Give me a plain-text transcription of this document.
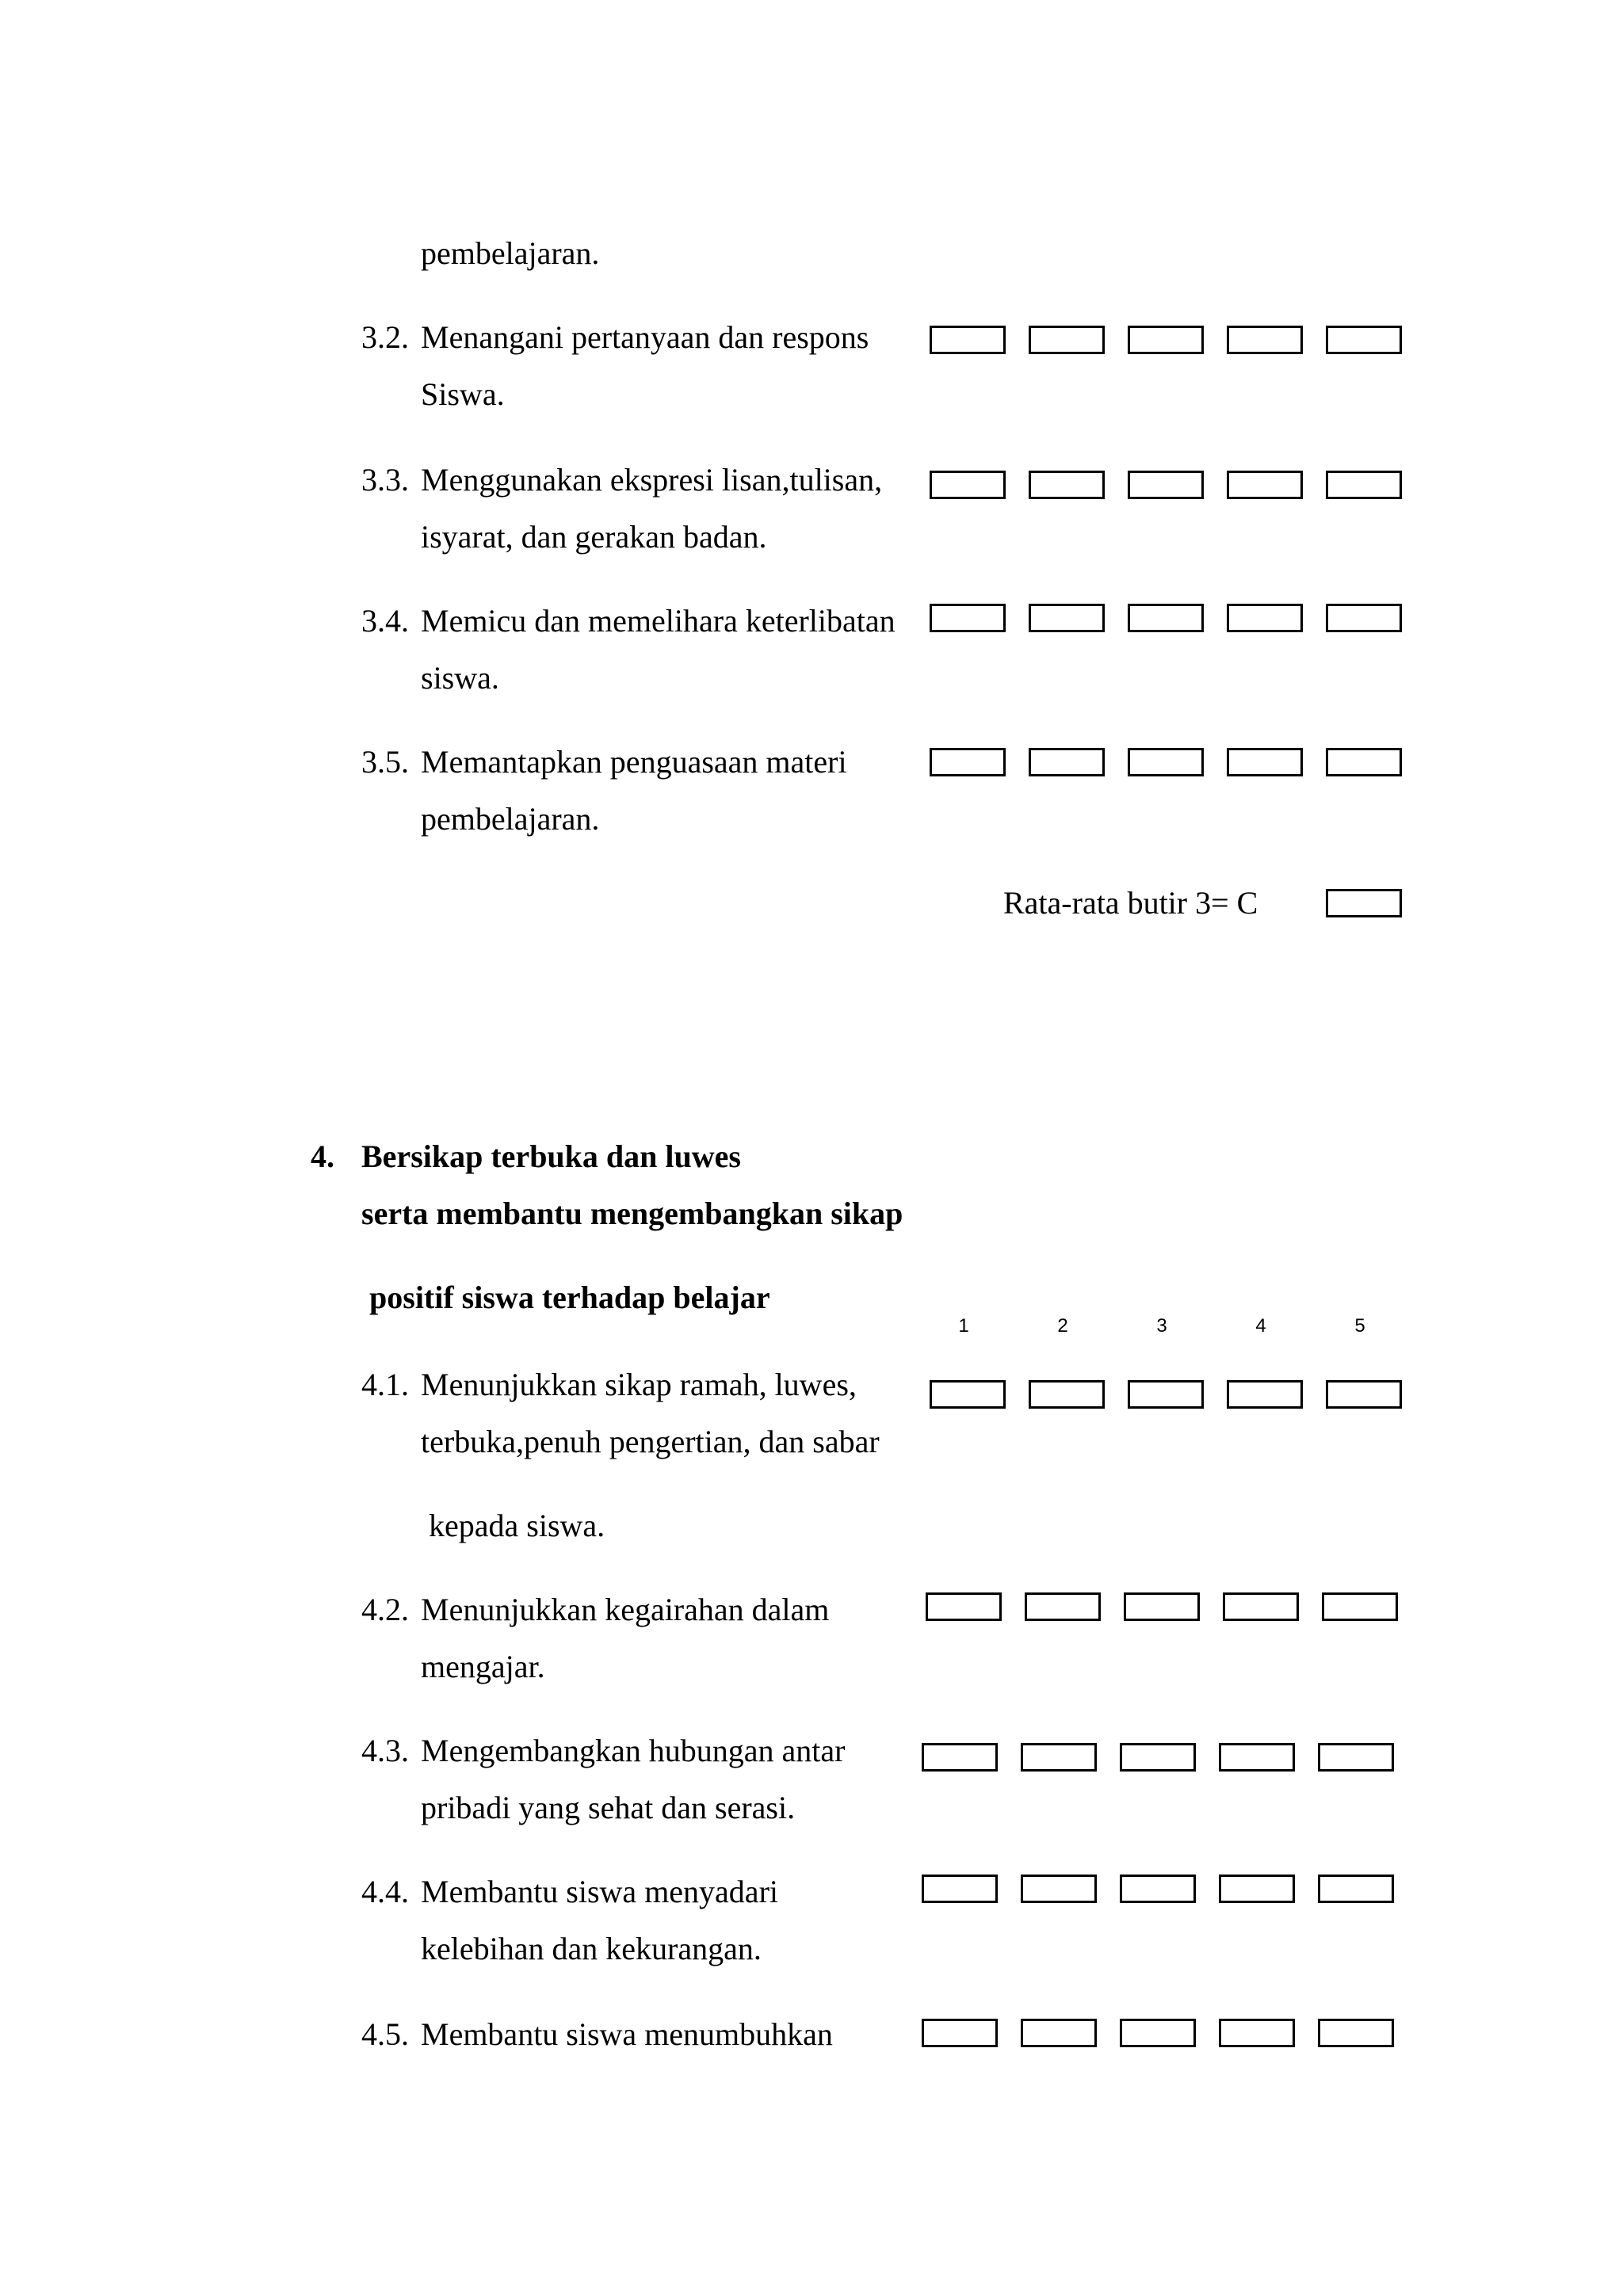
pembelajaran.
3.2. Menangani pertanyaan dan respons
Siswa.
3.3. Menggunakan ekspresi lisan,tulisan,
isyarat, dan gerakan badan.
3.4. Memicu dan memelihara keterlibatan
siswa.
3.5. Memantapkan penguasaan materi
pembelajaran.
Rata-rata butir 3= C
4. Bersikap terbuka dan luwes
serta membantu mengembangkan sikap
positif siswa terhadap belajar
1	2	3	4	5
4.1. Menunjukkan sikap ramah, luwes,
terbuka,penuh pengertian, dan sabar
kepada siswa.
4.2. Menunjukkan kegairahan dalam
mengajar.
4.3. Mengembangkan hubungan antar
pribadi yang sehat dan serasi.
4.4. Membantu siswa menyadari
kelebihan dan kekurangan.
4.5. Membantu siswa menumbuhkan
